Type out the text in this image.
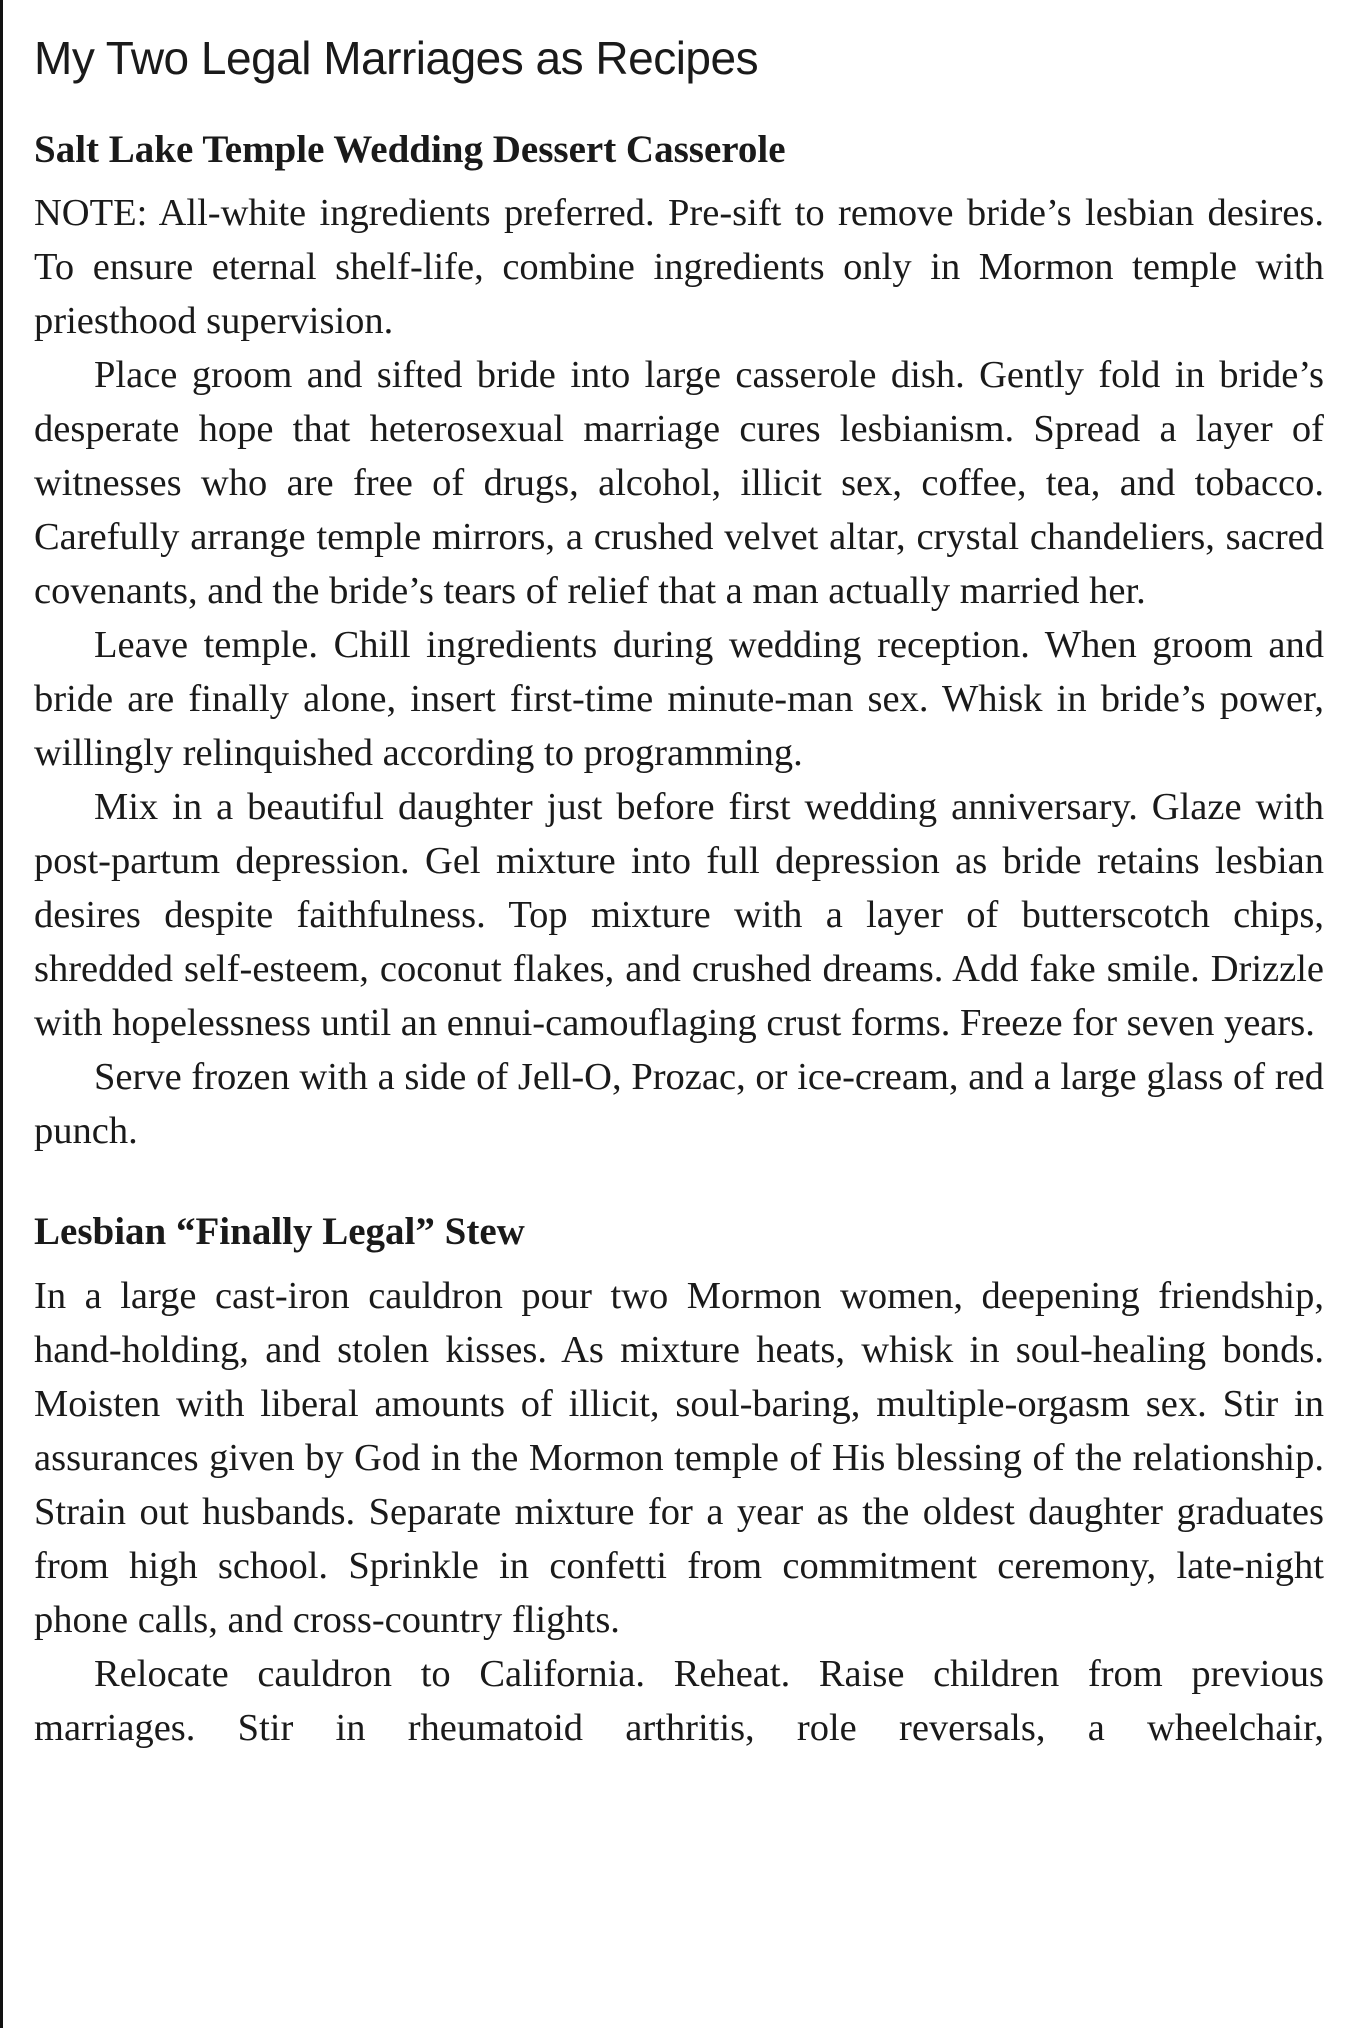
My Two Legal Marriages as Recipes
Salt Lake Temple Wedding Dessert Casserole

NOTE: All-white ingredients preferred. Pre-sift to remove bride’s lesbian desires. To ensure eternal shelf-life, combine ingredients only in Mormon temple with priesthood supervision.

Place groom and sifted bride into large casserole dish. Gently fold in bride’s desperate hope that heterosexual marriage cures lesbianism. Spread a layer of witnesses who are free of drugs, alcohol, illicit sex, coffee, tea, and tobacco. Carefully arrange temple mirrors, a crushed velvet altar, crystal chandeliers, sacred covenants, and the bride’s tears of relief that a man actually married her.

Leave temple. Chill ingredients during wedding reception. When groom and bride are finally alone, insert first-time minute-man sex. Whisk in bride’s power, willingly relinquished according to programming.

Mix in a beautiful daughter just before first wedding anniversary. Glaze with post-partum depression. Gel mixture into full depression as bride retains lesbian desires despite faithfulness. Top mixture with a layer of butterscotch chips, shredded self-esteem, coconut flakes, and crushed dreams. Add fake smile. Drizzle with hopelessness until an ennui-camouflaging crust forms. Freeze for seven years.

Serve frozen with a side of Jell-O, Prozac, or ice-cream, and a large glass of red punch.

Lesbian “Finally Legal” Stew

In a large cast-iron cauldron pour two Mormon women, deepening friendship, hand-holding, and stolen kisses. As mixture heats, whisk in soul-healing bonds. Moisten with liberal amounts of illicit, soul-baring, multiple-orgasm sex. Stir in assurances given by God in the Mormon temple of His blessing of the relationship. Strain out husbands. Separate mixture for a year as the oldest daughter graduates from high school. Sprinkle in confetti from commitment ceremony, late-night phone calls, and cross-country flights.

Relocate cauldron to California. Reheat. Raise children from previous marriages. Stir in rheumatoid arthritis, role reversals, a wheelchair,
